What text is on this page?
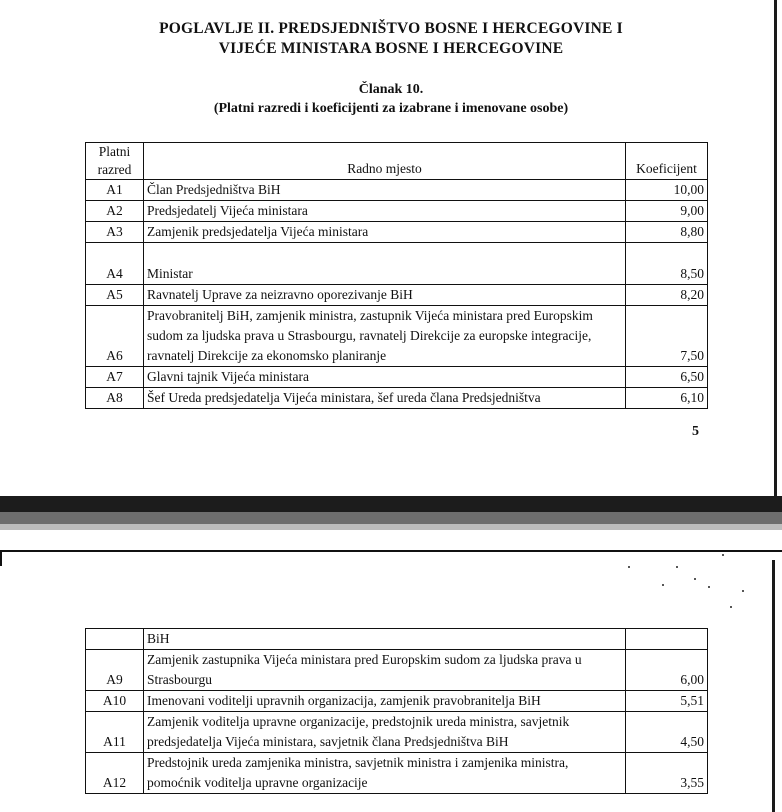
POGLAVLJE II. PREDSJEDNIŠTVO BOSNE I HERCEGOVINE I
VIJEĆE MINISTARA BOSNE I HERCEGOVINE
Članak 10.
(Platni razredi i koeficijenti za izabrane i imenovane osobe)
Platni
razred	Radno mjesto	Koeficijent
A1	Član Predsjedništva BiH	10,00
A2	Predsjedatelj Vijeća ministara	9,00
A3	Zamjenik predsjedatelja Vijeća ministara	8,80
A4	Ministar	8,50
A5	Ravnatelj Uprave za neizravno oporezivanje BiH	8,20
A6	Pravobranitelj BiH, zamjenik ministra, zastupnik Vijeća ministara pred Europskim sudom za ljudska prava u Strasbourgu, ravnatelj Direkcije za europske integracije, ravnatelj Direkcije za ekonomsko planiranje	7,50
A7	Glavni tajnik Vijeća ministara	6,50
A8	Šef Ureda predsjedatelja Vijeća ministara, šef ureda člana Predsjedništva	6,10
5
	BiH	
A9	Zamjenik zastupnika Vijeća ministara pred Europskim sudom za ljudska prava u Strasbourgu	6,00
A10	Imenovani voditelji upravnih organizacija, zamjenik pravobranitelja BiH	5,51
A11	Zamjenik voditelja upravne organizacije, predstojnik ureda ministra, savjetnik predsjedatelja Vijeća ministara, savjetnik člana Predsjedništva BiH	4,50
A12	Predstojnik ureda zamjenika ministra, savjetnik ministra i zamjenika ministra, pomoćnik voditelja upravne organizacije	3,55
